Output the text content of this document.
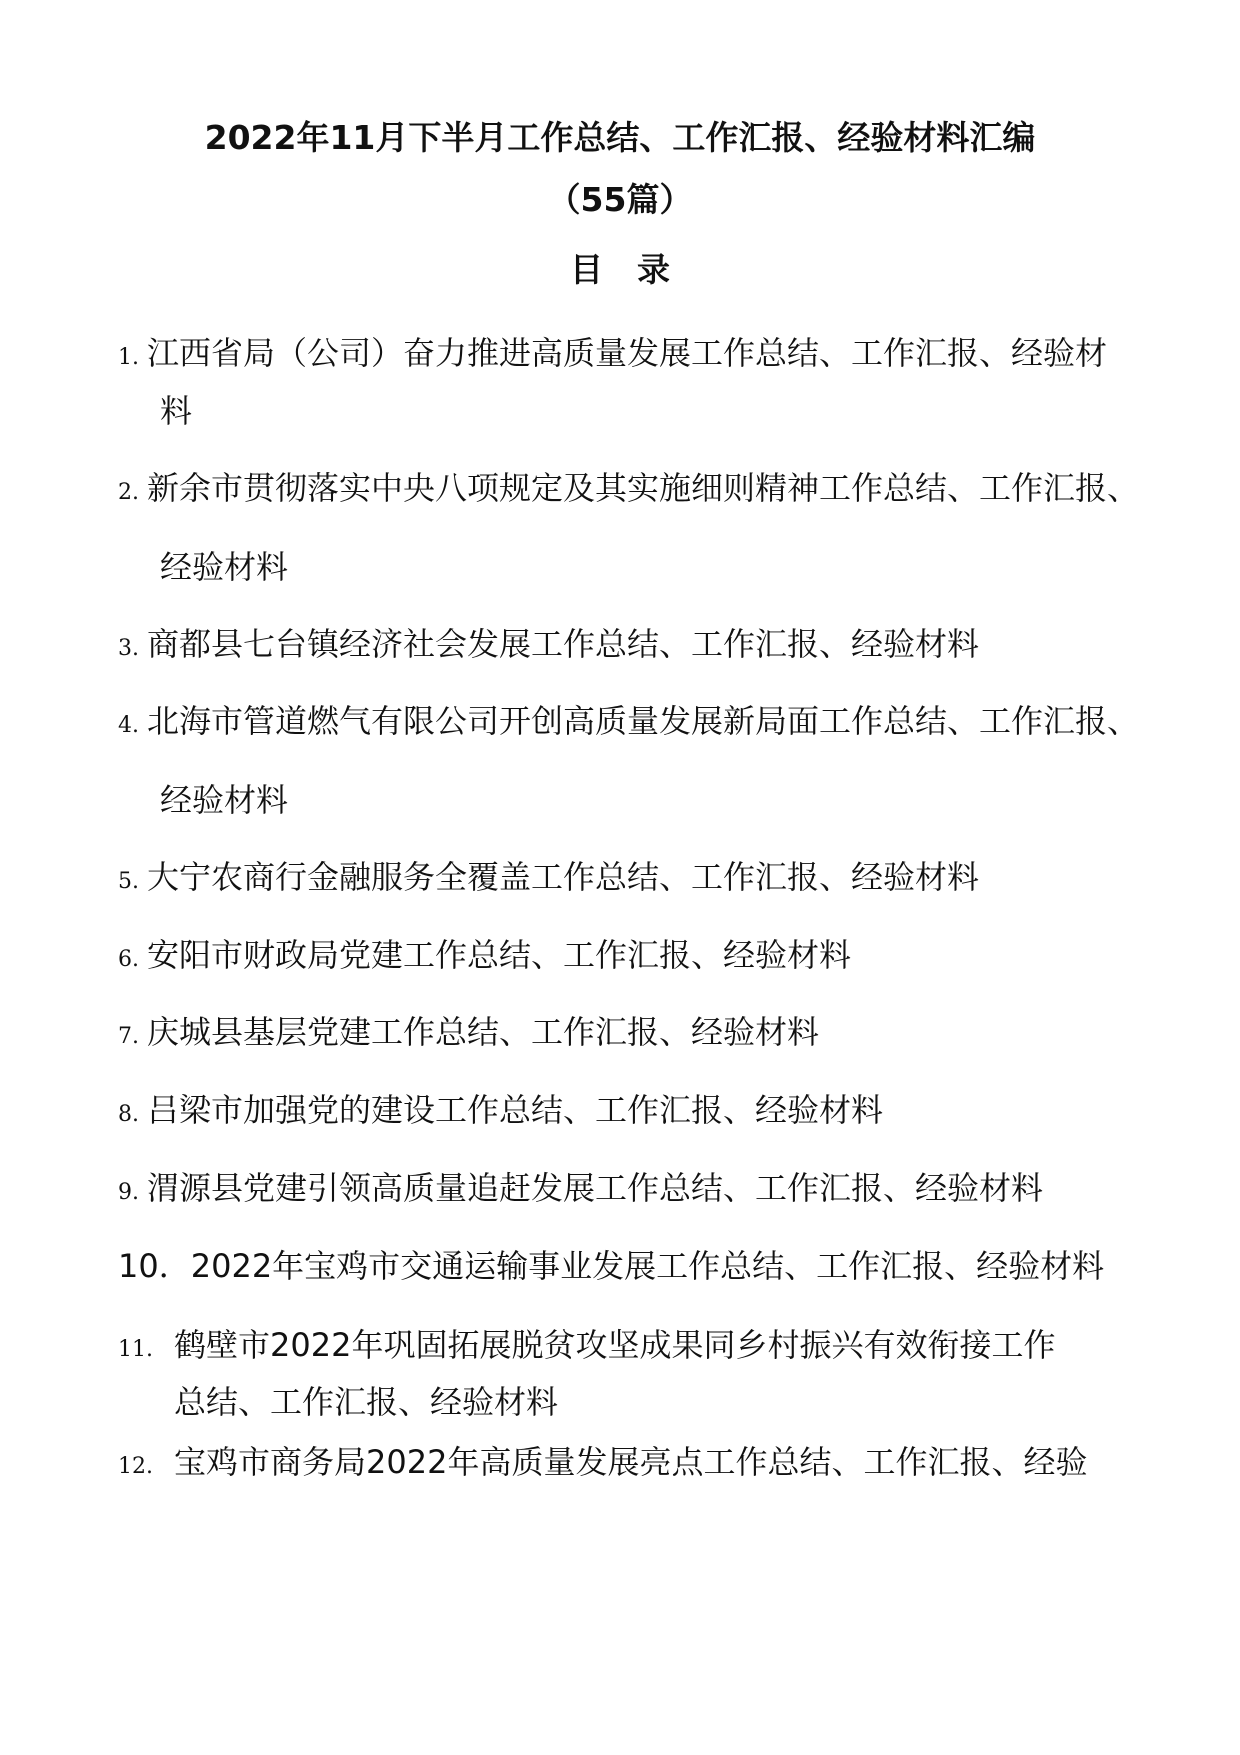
2022年11月下半月工作总结、工作汇报、经验材料汇编
（55篇）
目录
1. 江西省局（公司）奋力推进高质量发展工作总结、工作汇报、经验材
料
2. 新余市贯彻落实中央八项规定及其实施细则精神工作总结、工作汇报、
经验材料
3. 商都县七台镇经济社会发展工作总结、工作汇报、经验材料
4. 北海市管道燃气有限公司开创高质量发展新局面工作总结、工作汇报、
经验材料
5. 大宁农商行金融服务全覆盖工作总结、工作汇报、经验材料
6. 安阳市财政局党建工作总结、工作汇报、经验材料
7. 庆城县基层党建工作总结、工作汇报、经验材料
8. 吕梁市加强党的建设工作总结、工作汇报、经验材料
9. 渭源县党建引领高质量追赶发展工作总结、工作汇报、经验材料
10．2022年宝鸡市交通运输事业发展工作总结、工作汇报、经验材料
11. 鹤壁市2022年巩固拓展脱贫攻坚成果同乡村振兴有效衔接工作
总结、工作汇报、经验材料
12. 宝鸡市商务局2022年高质量发展亮点工作总结、工作汇报、经验
